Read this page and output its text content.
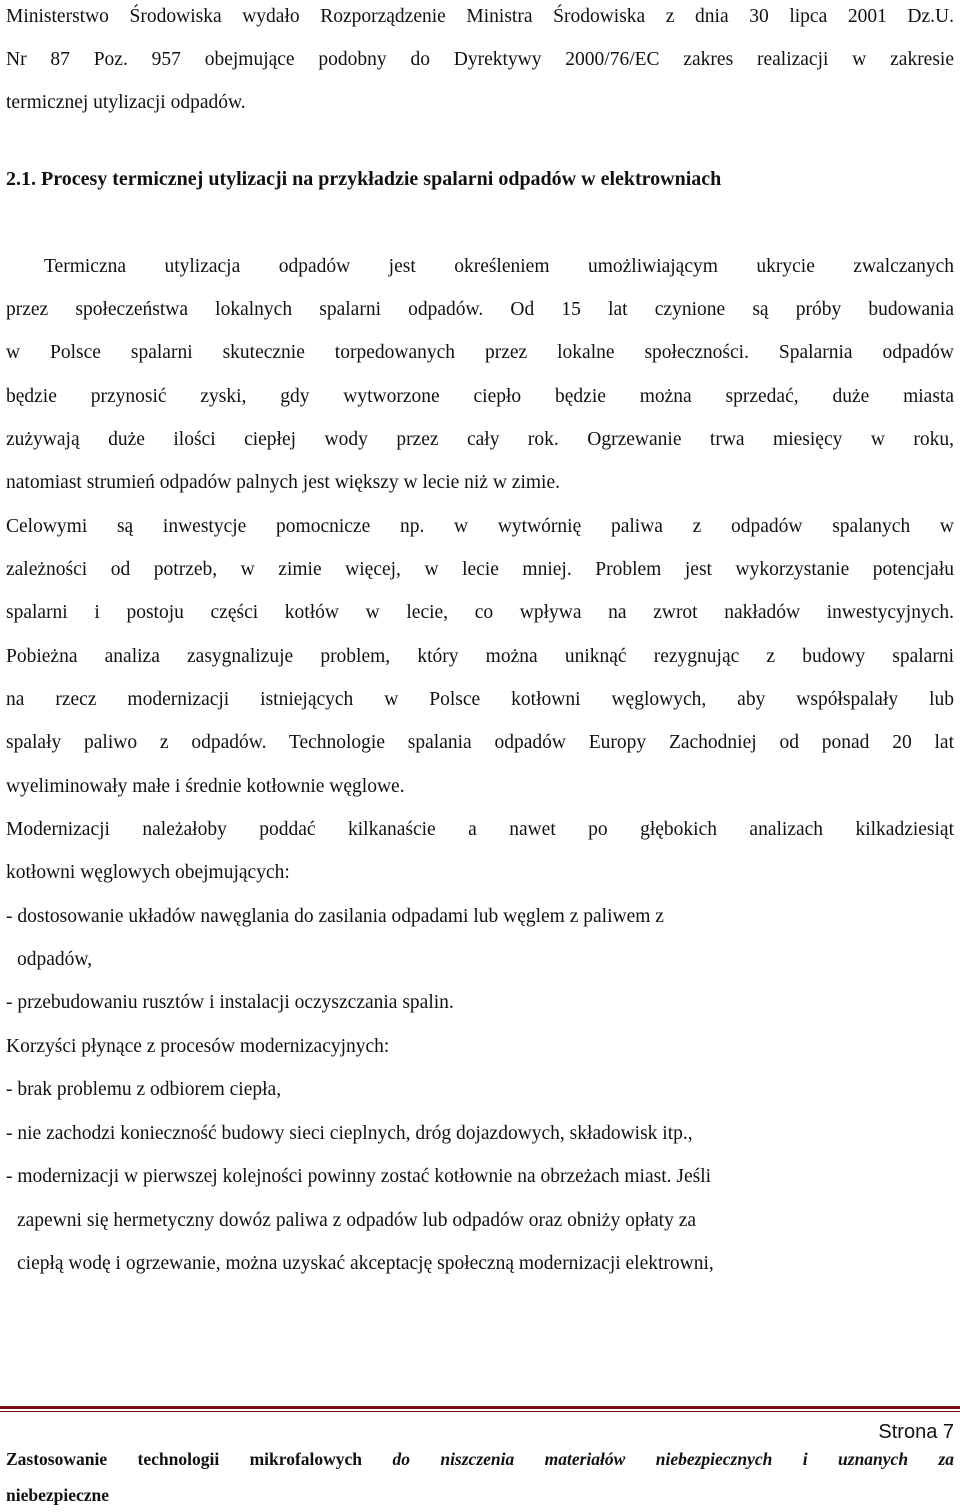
Ministerstwo Środowiska wydało Rozporządzenie Ministra Środowiska z dnia 30 lipca 2001 Dz.U.
Nr 87 Poz. 957 obejmujące podobny do Dyrektywy 2000/76/EC zakres realizacji w zakresie
termicznej utylizacji odpadów.
2.1. Procesy termicznej utylizacji na przykładzie spalarni odpadów w elektrowniach
Termiczna utylizacja odpadów jest określeniem umożliwiającym ukrycie zwalczanych
przez społeczeństwa lokalnych spalarni odpadów. Od 15 lat czynione są próby budowania
w Polsce spalarni skutecznie torpedowanych przez lokalne społeczności. Spalarnia odpadów
będzie przynosić zyski, gdy wytworzone ciepło będzie można sprzedać, duże miasta
zużywają duże ilości ciepłej wody przez cały rok. Ogrzewanie trwa miesięcy w roku,
natomiast strumień odpadów palnych jest większy w lecie niż w zimie.
Celowymi są inwestycje pomocnicze np. w wytwórnię paliwa z odpadów spalanych w
zależności od potrzeb, w zimie więcej, w lecie mniej. Problem jest wykorzystanie potencjału
spalarni i postoju części kotłów w lecie, co wpływa na zwrot nakładów inwestycyjnych.
Pobieżna analiza zasygnalizuje problem, który można uniknąć rezygnując z budowy spalarni
na rzecz modernizacji istniejących w Polsce kotłowni węglowych, aby współspalały lub
spalały paliwo z odpadów. Technologie spalania odpadów Europy Zachodniej od ponad 20 lat
wyeliminowały małe i średnie kotłownie węglowe.
Modernizacji należałoby poddać kilkanaście a nawet po głębokich analizach kilkadziesiąt
kotłowni węglowych obejmujących:
- dostosowanie układów nawęglania do zasilania odpadami lub węglem z paliwem z
odpadów,
- przebudowaniu rusztów i instalacji oczyszczania spalin.
Korzyści płynące z procesów modernizacyjnych:
- brak problemu z odbiorem ciepła,
- nie zachodzi konieczność budowy sieci cieplnych, dróg dojazdowych, składowisk itp.,
- modernizacji w pierwszej kolejności powinny zostać kotłownie na obrzeżach miast. Jeśli
zapewni się hermetyczny dowóz paliwa z odpadów lub odpadów oraz obniży opłaty za
ciepłą wodę i ogrzewanie, można uzyskać akceptację społeczną modernizacji elektrowni,
Strona 7
Zastosowanie technologii mikrofalowych do niszczenia materiałów niebezpiecznych i uznanych za
niebezpieczne
